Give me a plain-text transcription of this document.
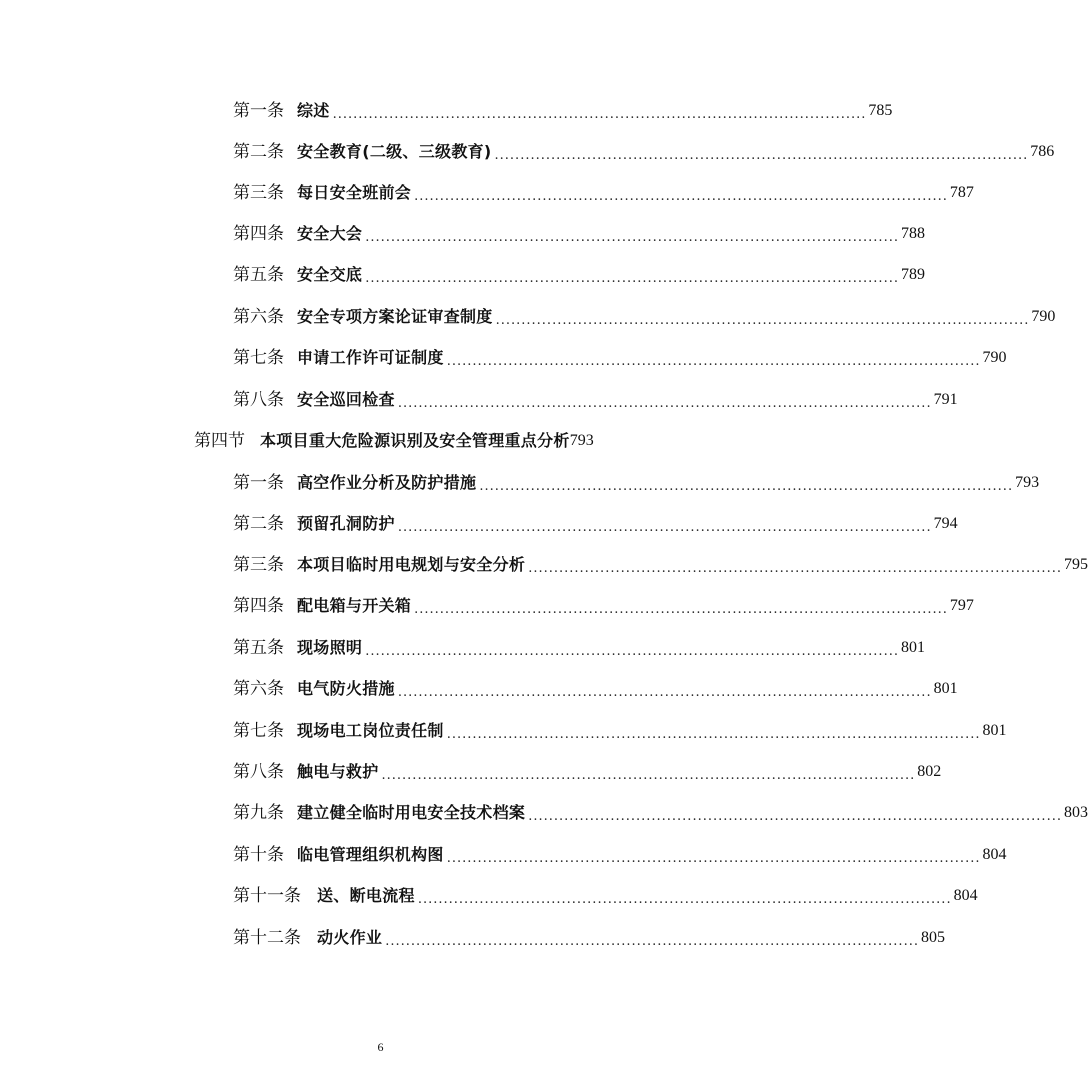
第一条 综述 ........................................................................................................ 785
第二条 安全教育(二级、三级教育) ........................................................................................................ 786
第三条 每日安全班前会 ........................................................................................................ 787
第四条 安全大会 ........................................................................................................ 788
第五条 安全交底 ........................................................................................................ 789
第六条 安全专项方案论证审查制度 ........................................................................................................ 790
第七条 申请工作许可证制度 ........................................................................................................ 790
第八条 安全巡回检查 ........................................................................................................ 791
第四节 本项目重大危险源识别及安全管理重点分析 793
第一条 高空作业分析及防护措施 ........................................................................................................ 793
第二条 预留孔洞防护 ........................................................................................................ 794
第三条 本项目临时用电规划与安全分析 ........................................................................................................ 795
第四条 配电箱与开关箱 ........................................................................................................ 797
第五条 现场照明 ........................................................................................................ 801
第六条 电气防火措施 ........................................................................................................ 801
第七条 现场电工岗位责任制 ........................................................................................................ 801
第八条 触电与救护 ........................................................................................................ 802
第九条 建立健全临时用电安全技术档案 ........................................................................................................ 803
第十条 临电管理组织机构图 ........................................................................................................ 804
第十一条	送、断电流程 ........................................................................................................ 804
第十二条	动火作业 ........................................................................................................ 805
6
